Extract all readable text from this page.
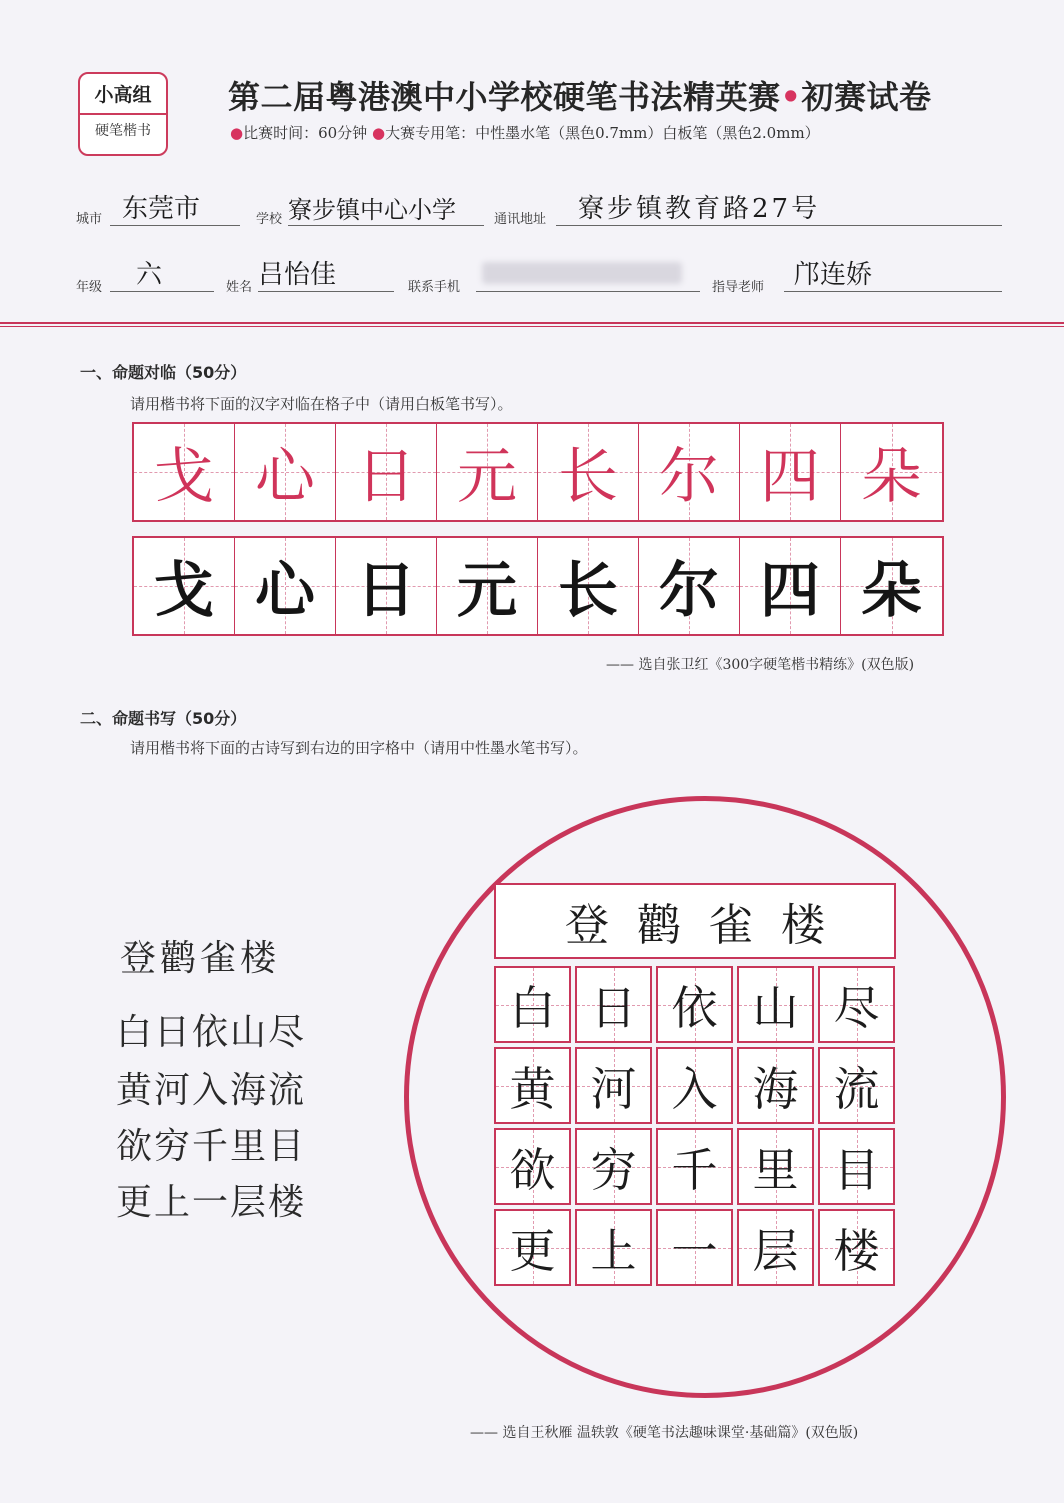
小高组
硬笔楷书
第二届粤港澳中小学校硬笔书法精英赛•初赛试卷
●比赛时间：60分钟 ●大赛专用笔：中性墨水笔（黑色0.7mm）白板笔（黑色2.0mm）
城市 东莞市	学校 寮步镇中心小学	通讯地址	寮步镇教育路27号
年级	六	姓名 吕怡佳	联系手机	指导老师	邝连娇
一、命题对临（50分）
请用楷书将下面的汉字对临在格子中（请用白板笔书写）。
戈 心 日 元 长 尔 四 朵
戈 心 日 元 长 尔 四 朵
—— 选自张卫红《300字硬笔楷书精练》(双色版)
二、命题书写（50分）
请用楷书将下面的古诗写到右边的田字格中（请用中性墨水笔书写）。
登鹳雀楼
白日依山尽
黄河入海流
欲穷千里目
更上一层楼
登鹳雀楼
白 日 依 山 尽
黄 河 入 海 流
欲 穷 千 里 目
更 上 一 层 楼
—— 选自王秋雁 温轶敦《硬笔书法趣味课堂·基础篇》(双色版)
